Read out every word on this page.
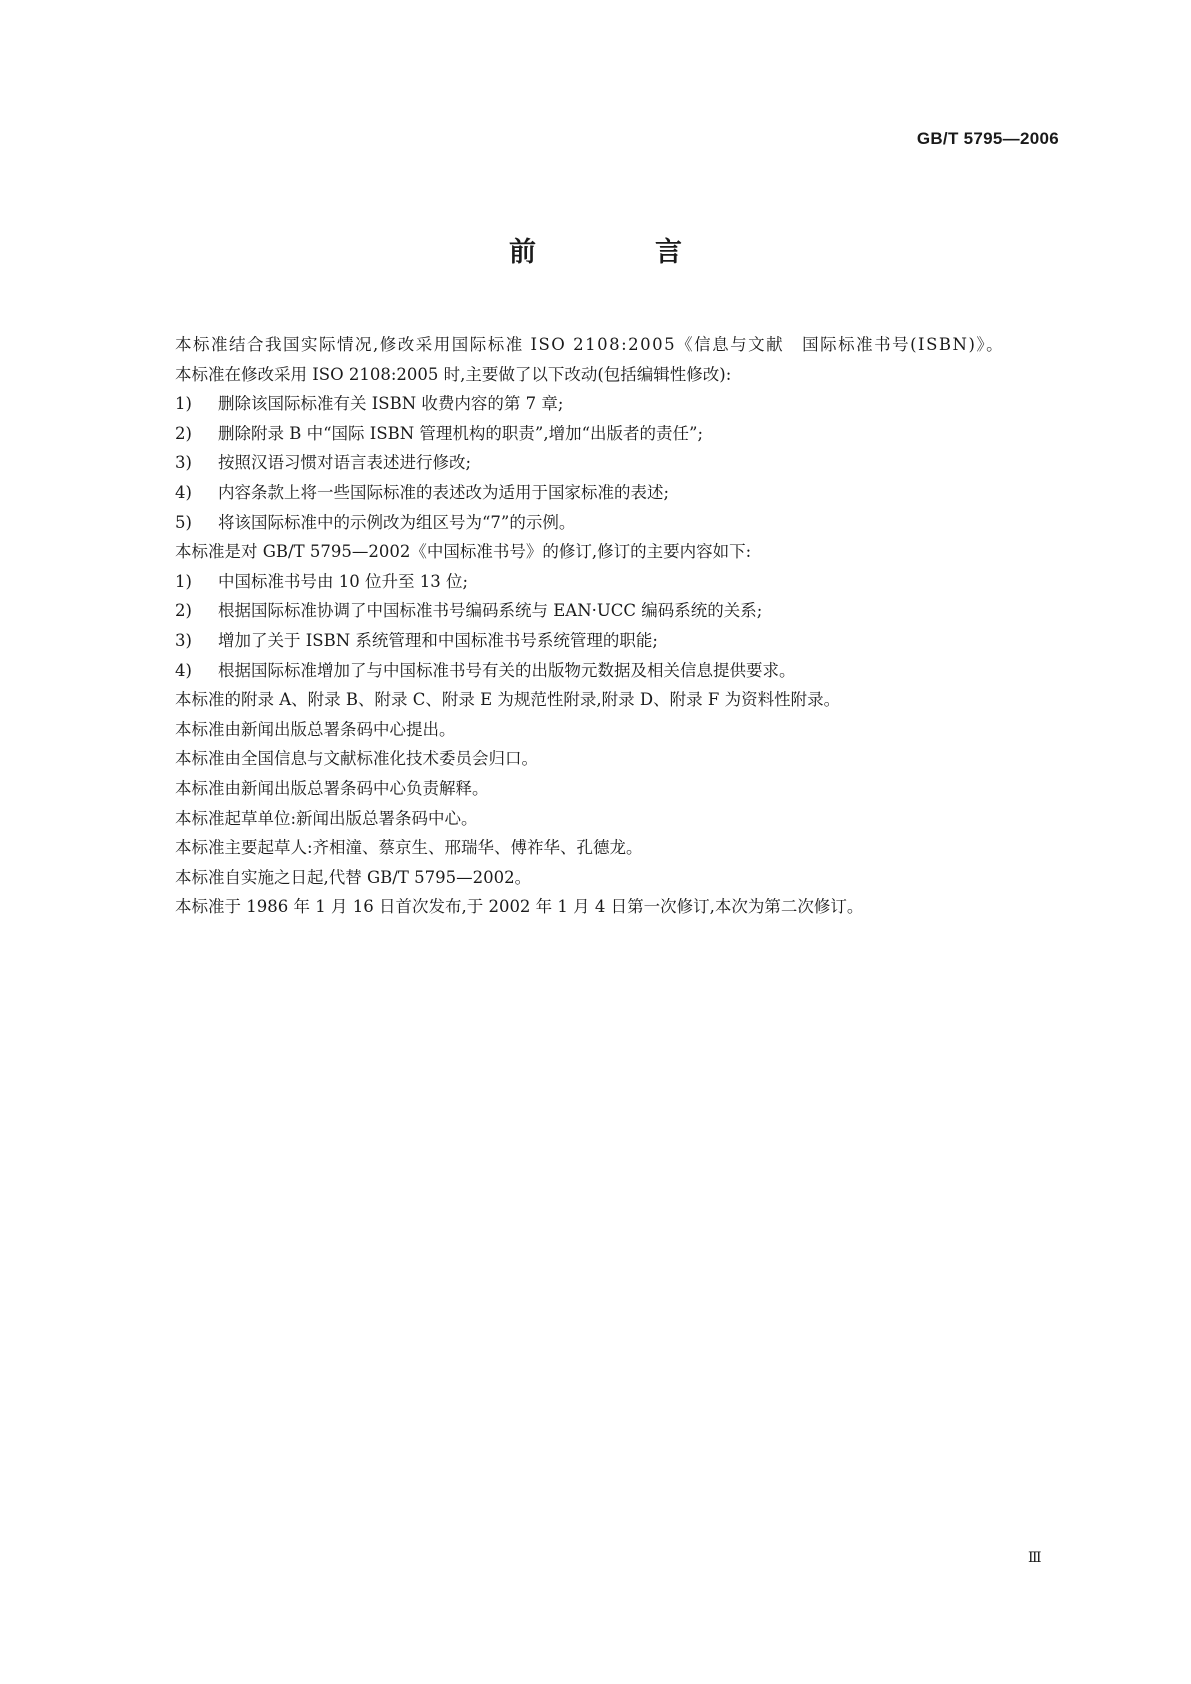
GB/T 5795—2006
前　言

本标准结合我国实际情况,修改采用国际标准 ISO 2108:2005《信息与文献　国际标准书号(ISBN)》。

本标准在修改采用 ISO 2108:2005 时,主要做了以下改动(包括编辑性修改):

1) 删除该国际标准有关 ISBN 收费内容的第 7 章;

2) 删除附录 B 中“国际 ISBN 管理机构的职责”,增加“出版者的责任”;

3) 按照汉语习惯对语言表述进行修改;

4) 内容条款上将一些国际标准的表述改为适用于国家标准的表述;

5) 将该国际标准中的示例改为组区号为“7”的示例。

本标准是对 GB/T 5795—2002《中国标准书号》的修订,修订的主要内容如下:

1) 中国标准书号由 10 位升至 13 位;

2) 根据国际标准协调了中国标准书号编码系统与 EAN·UCC 编码系统的关系;

3) 增加了关于 ISBN 系统管理和中国标准书号系统管理的职能;

4) 根据国际标准增加了与中国标准书号有关的出版物元数据及相关信息提供要求。

本标准的附录 A、附录 B、附录 C、附录 E 为规范性附录,附录 D、附录 F 为资料性附录。

本标准由新闻出版总署条码中心提出。

本标准由全国信息与文献标准化技术委员会归口。

本标准由新闻出版总署条码中心负责解释。

本标准起草单位:新闻出版总署条码中心。

本标准主要起草人:齐相潼、蔡京生、邢瑞华、傅祚华、孔德龙。

本标准自实施之日起,代替 GB/T 5795—2002。

本标准于 1986 年 1 月 16 日首次发布,于 2002 年 1 月 4 日第一次修订,本次为第二次修订。

Ⅲ
